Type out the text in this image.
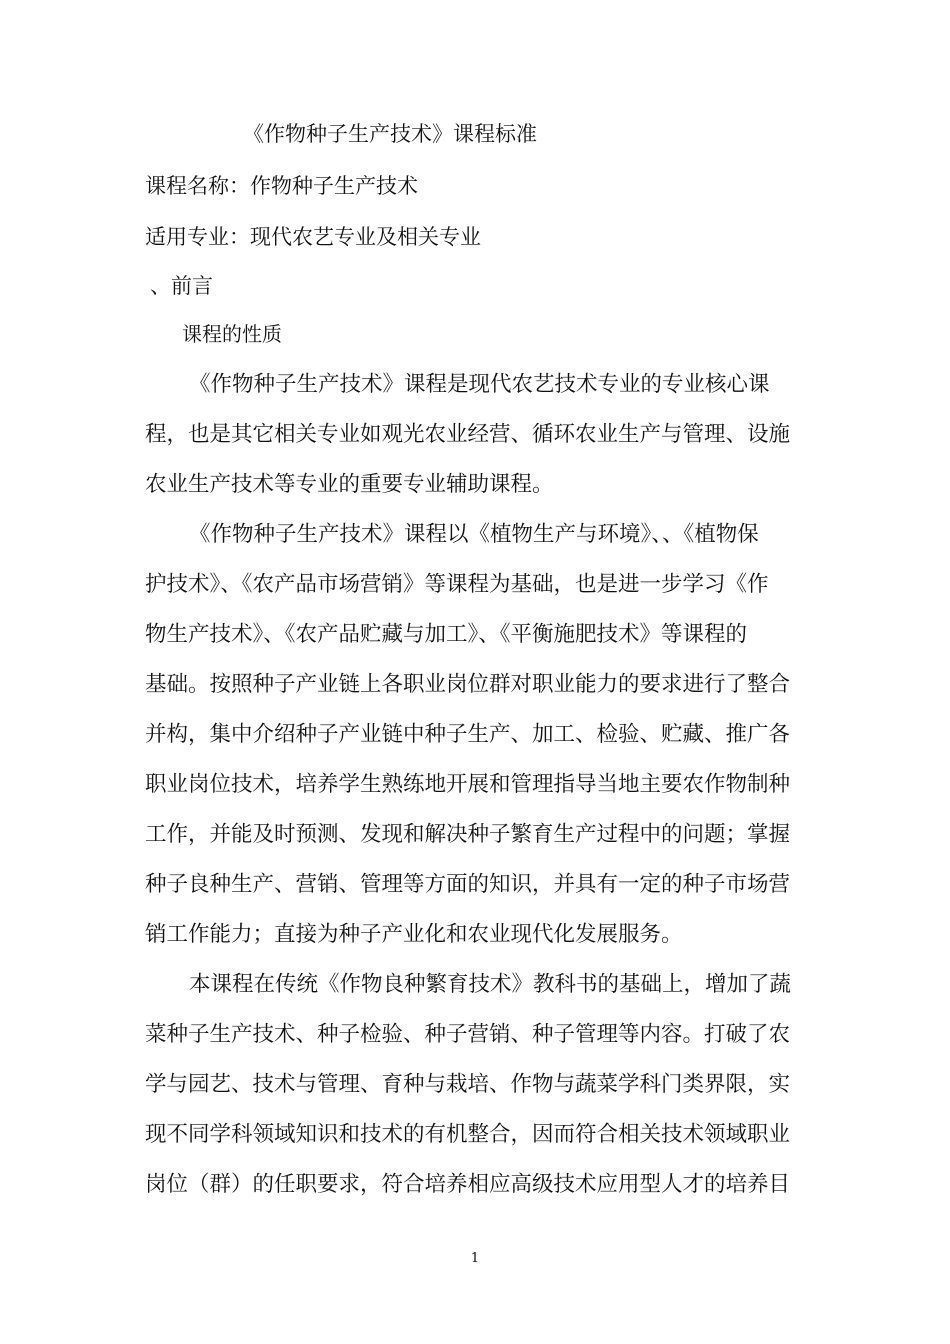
《作物种子生产技术》课程标准
课程名称：作物种子生产技术
适用专业：现代农艺专业及相关专业
、前言
课程的性质
《作物种子生产技术》课程是现代农艺技术专业的专业核心课
程，也是其它相关专业如观光农业经营、循环农业生产与管理、设施
农业生产技术等专业的重要专业辅助课程。
《作物种子生产技术》课程以《植物生产与环境》、、《植物保
护技术》、《农产品市场营销》等课程为基础，也是进一步学习《作
物生产技术》、《农产品贮藏与加工》、《平衡施肥技术》等课程的
基础。按照种子产业链上各职业岗位群对职业能力的要求进行了整合
并构，集中介绍种子产业链中种子生产、加工、检验、贮藏、推广各
职业岗位技术，培养学生熟练地开展和管理指导当地主要农作物制种
工作，并能及时预测、发现和解决种子繁育生产过程中的问题；掌握
种子良种生产、营销、管理等方面的知识，并具有一定的种子市场营
销工作能力；直接为种子产业化和农业现代化发展服务。
本课程在传统《作物良种繁育技术》教科书的基础上，增加了蔬
菜种子生产技术、种子检验、种子营销、种子管理等内容。打破了农
学与园艺、技术与管理、育种与栽培、作物与蔬菜学科门类界限，实
现不同学科领域知识和技术的有机整合，因而符合相关技术领域职业
岗位（群）的任职要求，符合培养相应高级技术应用型人才的培养目
1
